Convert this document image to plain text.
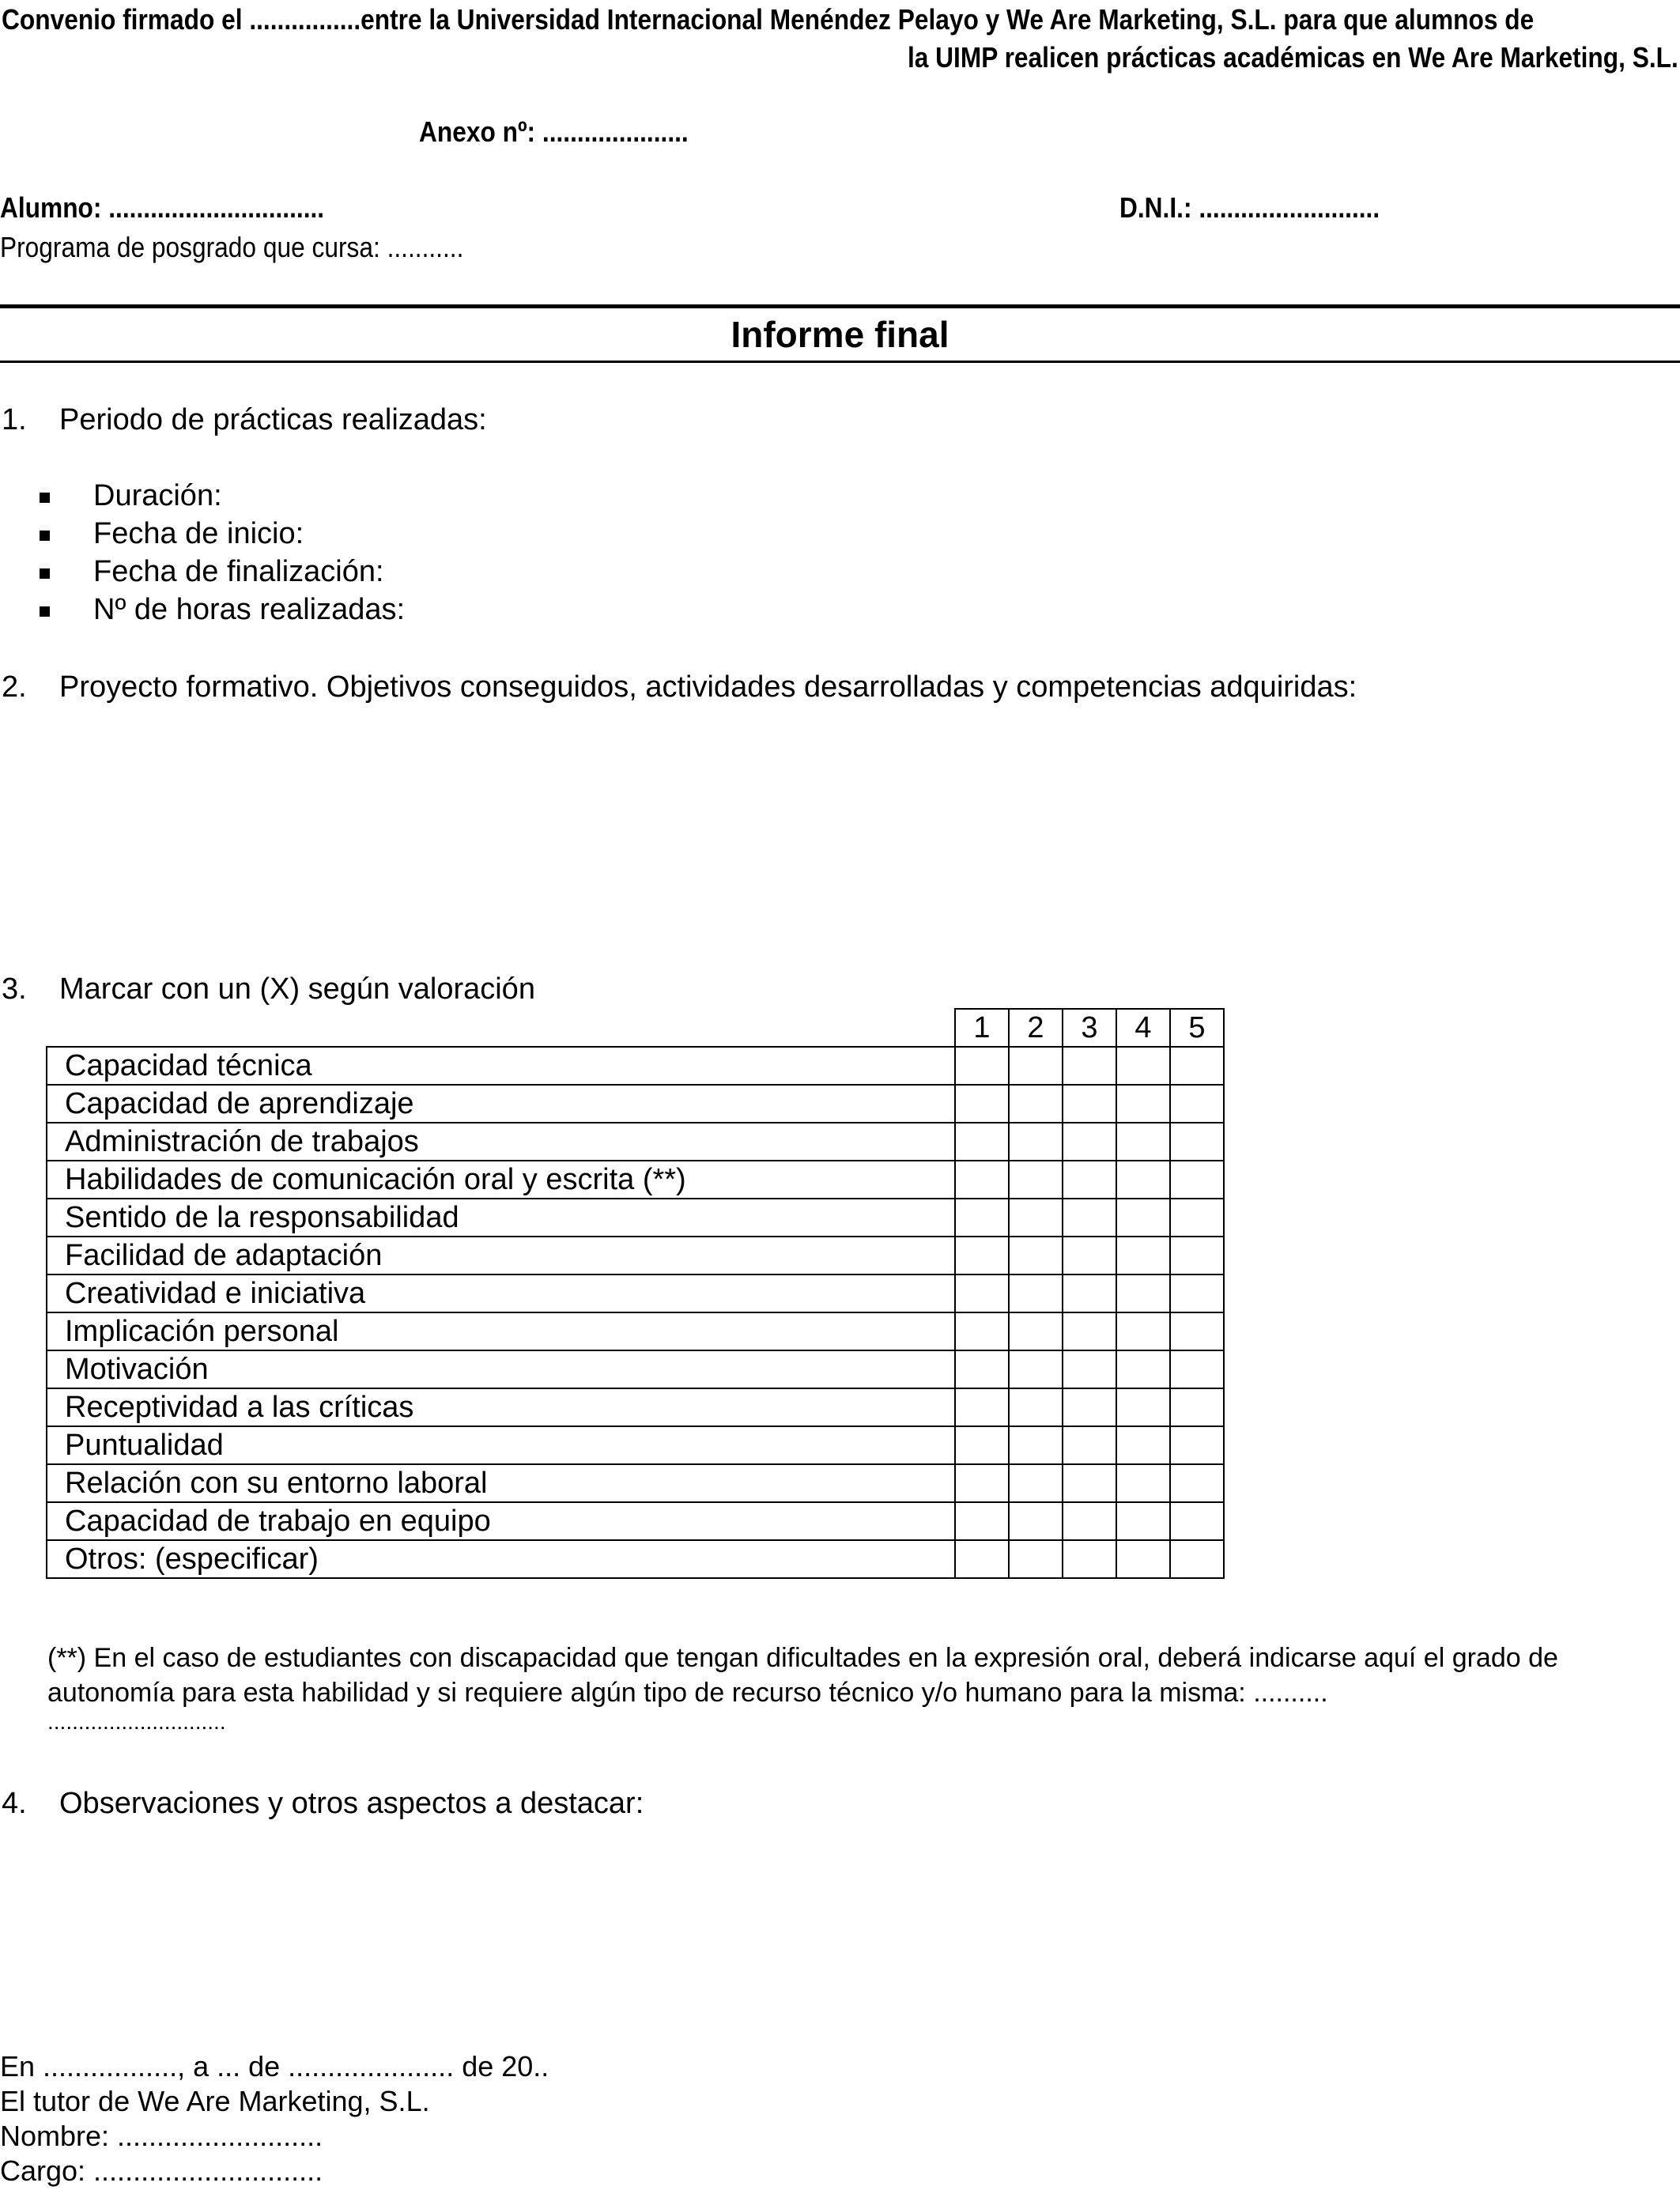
Convenio firmado el ................entre la Universidad Internacional Menéndez Pelayo y We Are Marketing, S.L. para que alumnos de
la UIMP realicen prácticas académicas en We Are Marketing, S.L.
Anexo nº: .....................
Alumno: ...............................	D.N.I.: ..........................
Programa de posgrado que cursa: ...........
Informe final
1. Periodo de prácticas realizadas:
Duración:
Fecha de inicio:
Fecha de finalización:
Nº de horas realizadas:
2. Proyecto formativo. Objetivos conseguidos, actividades desarrolladas y competencias adquiridas:
3. Marcar con un (X) según valoración
	1	2	3	4	5
Capacidad técnica					
Capacidad de aprendizaje					
Administración de trabajos					
Habilidades de comunicación oral y escrita (**)					
Sentido de la responsabilidad					
Facilidad de adaptación					
Creatividad e iniciativa					
Implicación personal					
Motivación					
Receptividad a las críticas					
Puntualidad					
Relación con su entorno laboral					
Capacidad de trabajo en equipo					
Otros: (especificar)					
(**) En el caso de estudiantes con discapacidad que tengan dificultades en la expresión oral, deberá indicarse aquí el grado de
autonomía para esta habilidad y si requiere algún tipo de recurso técnico y/o humano para la misma: ..........
.............................
4. Observaciones y otros aspectos a destacar:
En ................., a ... de ..................... de 20..
El tutor de We Are Marketing, S.L.
Nombre: ..........................
Cargo: .............................
